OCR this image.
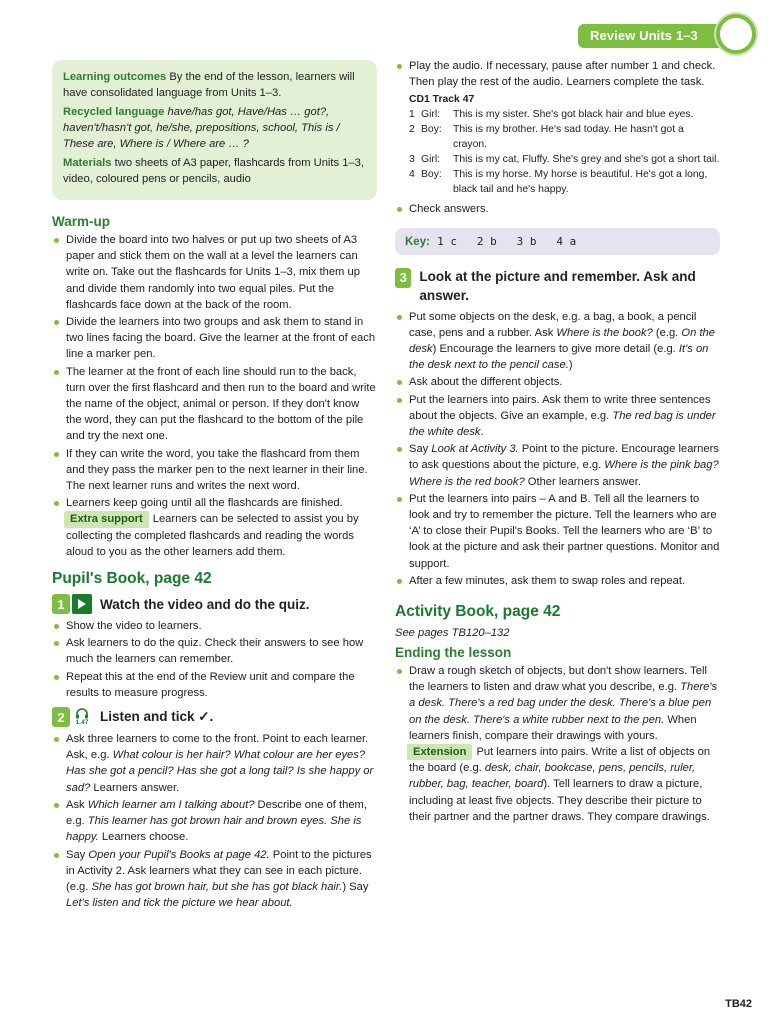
Review Units 1–3

Learning outcomes By the end of the lesson, learners will have consolidated language from Units 1–3.

Recycled language have/has got, Have/Has … got?, haven't/hasn't got, he/she, prepositions, school, This is / These are, Where is / Where are … ?

Materials two sheets of A3 paper, flashcards from Units 1–3, video, coloured pens or pencils, audio

Warm-up
Divide the board into two halves or put up two sheets of A3 paper and stick them on the wall at a level the learners can write on. Take out the flashcards for Units 1–3, mix them up and divide them randomly into two equal piles. Put the flashcards face down at the back of the room.
Divide the learners into two groups and ask them to stand in two lines facing the board. Give the learner at the front of each line a marker pen.
The learner at the front of each line should run to the back, turn over the first flashcard and then run to the board and write the name of the object, animal or person. If they don't know the word, they can put the flashcard to the bottom of the pile and try the next one.
If they can write the word, you take the flashcard from them and they pass the marker pen to the next learner in their line. The next learner runs and writes the next word.
Learners keep going until all the flashcards are finished.
Extra support Learners can be selected to assist you by collecting the completed flashcards and reading the words aloud to you as the other learners add them.
Pupil's Book, page 42
1	Watch the video and do the quiz.
Show the video to learners.
Ask learners to do the quiz. Check their answers to see how much the learners can remember.
Repeat this at the end of the Review unit and compare the results to measure progress.
2	1.47 Listen and tick ✓.
Ask three learners to come to the front. Point to each learner. Ask, e.g. What colour is her hair? What colour are her eyes? Has she got a pencil? Has she got a long tail? Is she happy or sad? Learners answer.
Ask Which learner am I talking about? Describe one of them, e.g. This learner has got brown hair and brown eyes. She is happy. Learners choose.
Say Open your Pupil's Books at page 42. Point to the pictures in Activity 2. Ask learners what they can see in each picture. (e.g. She has got brown hair, but she has got black hair.) Say Let's listen and tick the picture we hear about.
Play the audio. If necessary, pause after number 1 and check. Then play the rest of the audio. Learners complete the task.
CD1 Track 47
1 Girl:	This is my sister. She's got black hair and blue eyes.
2 Boy:	This is my brother. He's sad today. He hasn't got a crayon.
3 Girl:	This is my cat, Fluffy. She's grey and she's got a short tail.
4 Boy:	This is my horse. My horse is beautiful. He's got a long, black tail and he's happy.
Check answers.
Key: 1 c   2 b   3 b   4 a
3 Look at the picture and remember. Ask and answer.
Put some objects on the desk, e.g. a bag, a book, a pencil case, pens and a rubber. Ask Where is the book? (e.g. On the desk) Encourage the learners to give more detail (e.g. It's on the desk next to the pencil case.)
Ask about the different objects.
Put the learners into pairs. Ask them to write three sentences about the objects. Give an example, e.g. The red bag is under the white desk.
Say Look at Activity 3. Point to the picture. Encourage learners to ask questions about the picture, e.g. Where is the pink bag? Where is the red book? Other learners answer.
Put the learners into pairs – A and B. Tell all the learners to look and try to remember the picture. Tell the learners who are ‘A’ to close their Pupil's Books. Tell the learners who are ‘B’ to look at the picture and ask their partner questions. Monitor and support.
After a few minutes, ask them to swap roles and repeat.
Activity Book, page 42

See pages TB120–132

Ending the lesson
Draw a rough sketch of objects, but don't show learners. Tell the learners to listen and draw what you describe, e.g. There's a desk. There's a red bag under the desk. There's a blue pen on the desk. There's a white rubber next to the pen. When learners finish, compare their drawings with yours.
Extension Put learners into pairs. Write a list of objects on the board (e.g. desk, chair, bookcase, pens, pencils, ruler, rubber, bag, teacher, board). Tell learners to draw a picture, including at least five objects. They describe their picture to their partner and the partner draws. They compare drawings.
TB42
